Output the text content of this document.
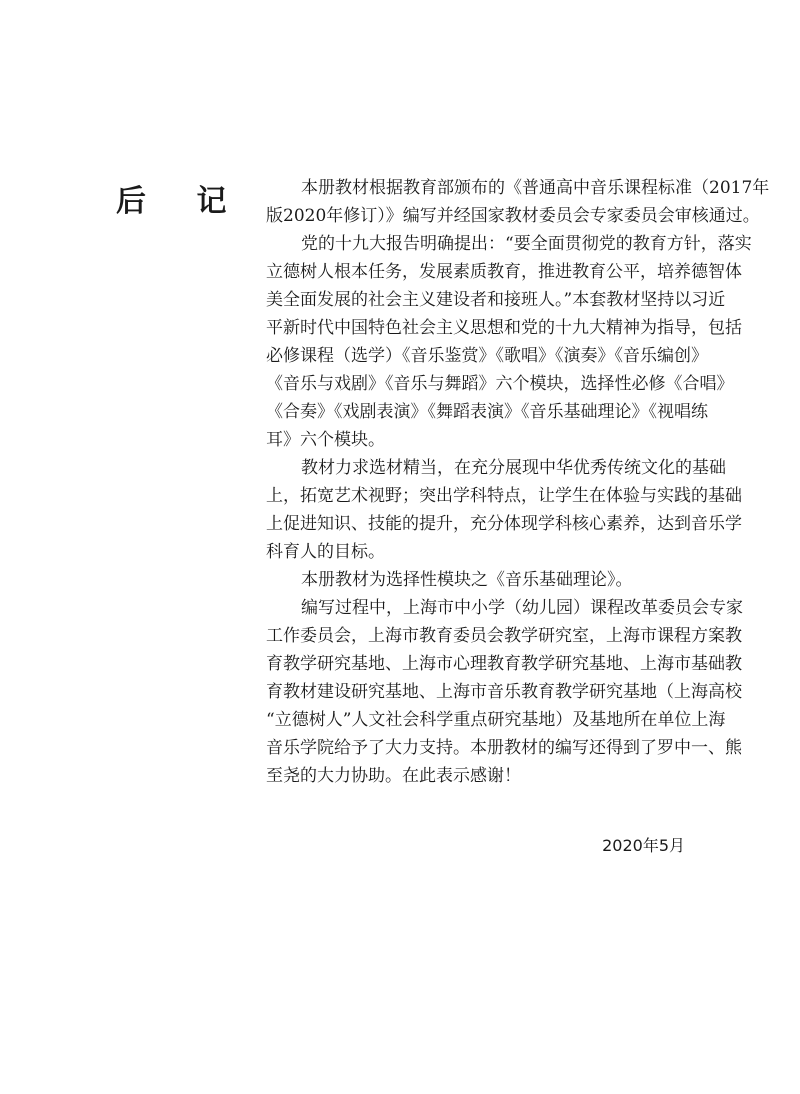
后 记	本册教材根据教育部颁布的《普通高中音乐课程标准（2017年
版2020年修订）》编写并经国家教材委员会专家委员会审核通过。
党的十九大报告明确提出：“要全面贯彻党的教育方针，落实
立德树人根本任务，发展素质教育，推进教育公平，培养德智体
美全面发展的社会主义建设者和接班人。”本套教材坚持以习近
平新时代中国特色社会主义思想和党的十九大精神为指导，包括
必修课程（选学）《音乐鉴赏》《歌唱》《演奏》《音乐编创》
《音乐与戏剧》《音乐与舞蹈》六个模块，选择性必修《合唱》
《合奏》《戏剧表演》《舞蹈表演》《音乐基础理论》《视唱练
耳》六个模块。
教材力求选材精当，在充分展现中华优秀传统文化的基础
上，拓宽艺术视野；突出学科特点，让学生在体验与实践的基础
上促进知识、技能的提升，充分体现学科核心素养，达到音乐学
科育人的目标。
本册教材为选择性模块之《音乐基础理论》。
编写过程中，上海市中小学（幼儿园）课程改革委员会专家
工作委员会，上海市教育委员会教学研究室，上海市课程方案教
育教学研究基地、上海市心理教育教学研究基地、上海市基础教
育教材建设研究基地、上海市音乐教育教学研究基地（上海高校
“立德树人”人文社会科学重点研究基地）及基地所在单位上海
音乐学院给予了大力支持。本册教材的编写还得到了罗中一、熊
至尧的大力协助。在此表示感谢！
2020年5月
